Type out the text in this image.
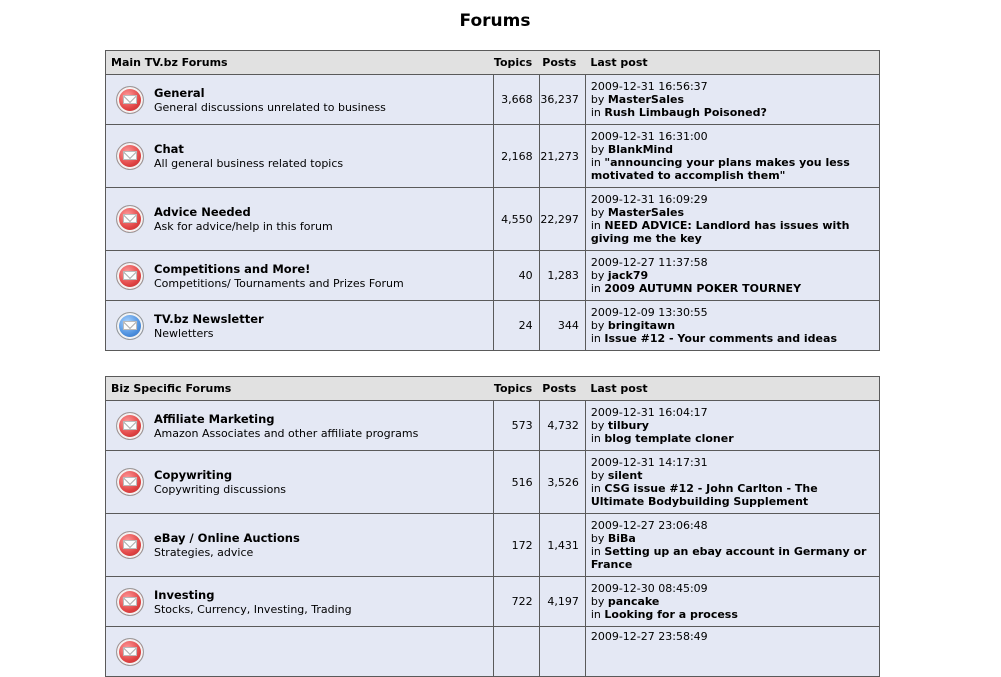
Forums
Main TV.bz Forums	Topics	Posts	Last post

General
General discussions unrelated to business	3,668	36,237	2009-12-31 16:56:37
by MasterSales
in Rush Limbaugh Poisoned?

Chat
All general business related topics	2,168	21,273	2009-12-31 16:31:00
by BlankMind
in "announcing your plans makes you less motivated to accomplish them"

Advice Needed
Ask for advice/help in this forum	4,550	22,297	2009-12-31 16:09:29
by MasterSales
in NEED ADVICE: Landlord has issues with giving me the key

Competitions and More!
Competitions/ Tournaments and Prizes Forum	40	1,283	2009-12-27 11:37:58
by jack79
in 2009 AUTUMN POKER TOURNEY

TV.bz Newsletter
Newletters	24	344	2009-12-09 13:30:55
by bringitawn
in Issue #12 - Your comments and ideas
Biz Specific Forums	Topics	Posts	Last post

Affiliate Marketing
Amazon Associates and other affiliate programs	573	4,732	2009-12-31 16:04:17
by tilbury
in blog template cloner

Copywriting
Copywriting discussions	516	3,526	2009-12-31 14:17:31
by silent
in CSG issue #12 - John Carlton - The Ultimate Bodybuilding Supplement

eBay / Online Auctions
Strategies, advice	172	1,431	2009-12-27 23:06:48
by BiBa
in Setting up an ebay account in Germany or France

Investing
Stocks, Currency, Investing, Trading	722	4,197	2009-12-30 08:45:09
by pancake
in Looking for a process

			2009-12-27 23:58:49
